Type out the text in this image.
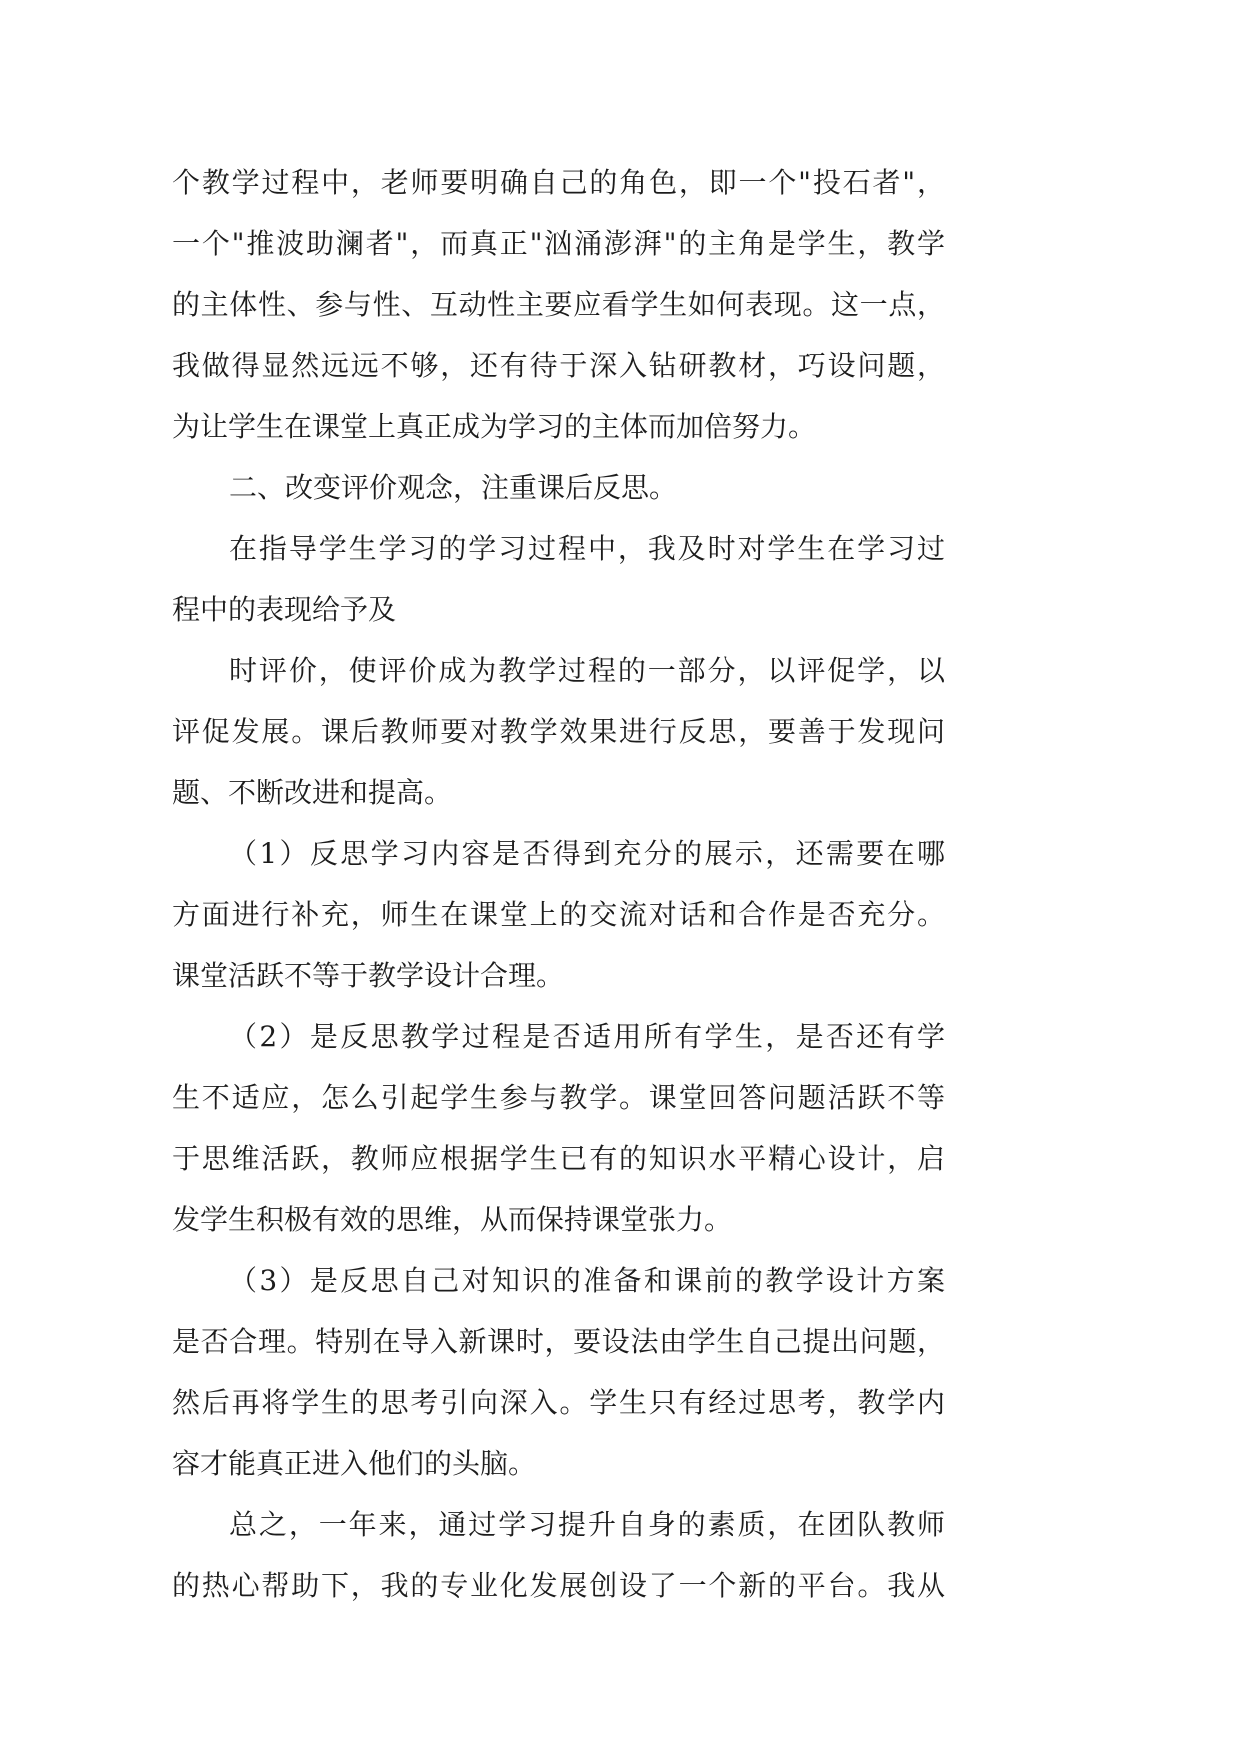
个教学过程中，老师要明确自己的角色，即一个"投石者"，
一个"推波助澜者"，而真正"汹涌澎湃"的主角是学生，教学
的主体性、参与性、互动性主要应看学生如何表现。这一点，
我做得显然远远不够，还有待于深入钻研教材，巧设问题，
为让学生在课堂上真正成为学习的主体而加倍努力。
二、改变评价观念，注重课后反思。
在指导学生学习的学习过程中，我及时对学生在学习过
程中的表现给予及
时评价，使评价成为教学过程的一部分，以评促学，以
评促发展。课后教师要对教学效果进行反思，要善于发现问
题、不断改进和提高。
（1）反思学习内容是否得到充分的展示，还需要在哪
方面进行补充，师生在课堂上的交流对话和合作是否充分。
课堂活跃不等于教学设计合理。
（2）是反思教学过程是否适用所有学生，是否还有学
生不适应，怎么引起学生参与教学。课堂回答问题活跃不等
于思维活跃，教师应根据学生已有的知识水平精心设计，启
发学生积极有效的思维，从而保持课堂张力。
（3）是反思自己对知识的准备和课前的教学设计方案
是否合理。特别在导入新课时，要设法由学生自己提出问题，
然后再将学生的思考引向深入。学生只有经过思考，教学内
容才能真正进入他们的头脑。
总之，一年来，通过学习提升自身的素质，在团队教师
的热心帮助下，我的专业化发展创设了一个新的平台。我从
